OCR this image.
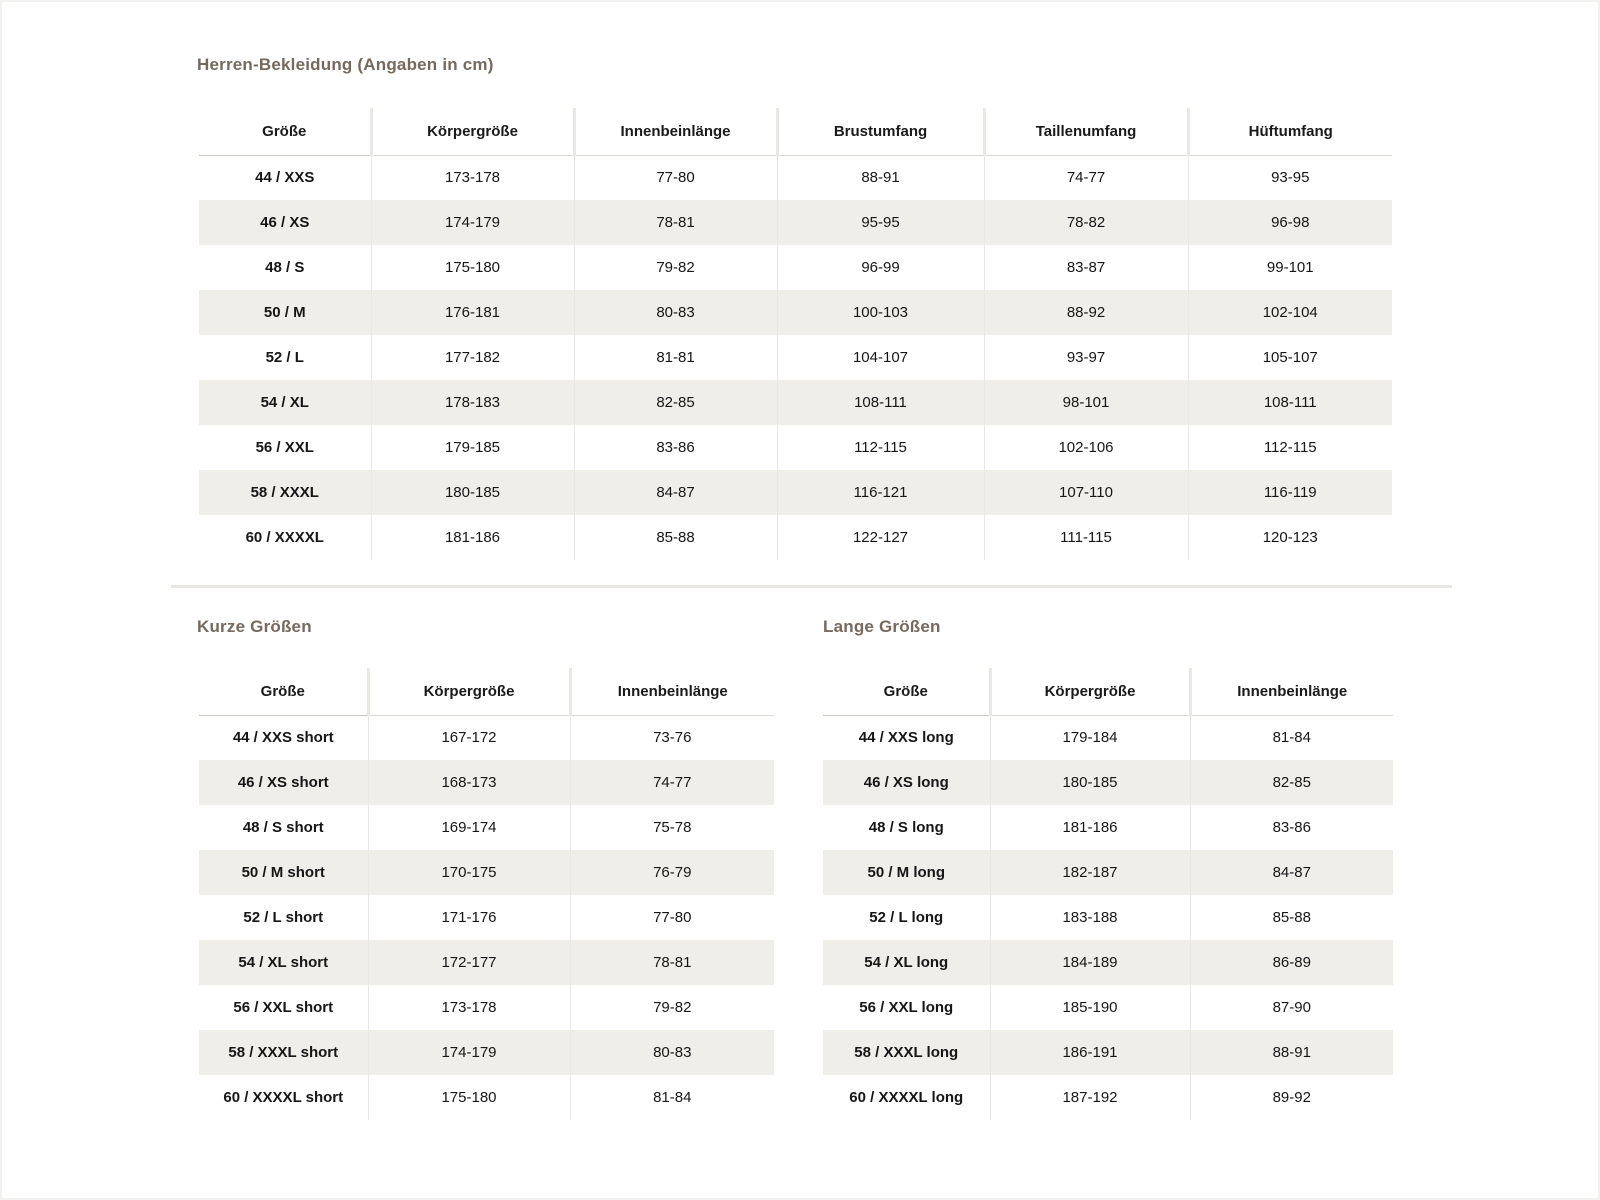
Herren-Bekleidung (Angaben in cm)
Größe	Körpergröße	Innenbeinlänge	Brustumfang	Taillenumfang	Hüftumfang
44 / XXS	173-178	77-80	88-91	74-77	93-95
46 / XS	174-179	78-81	95-95	78-82	96-98
48 / S	175-180	79-82	96-99	83-87	99-101
50 / M	176-181	80-83	100-103	88-92	102-104
52 / L	177-182	81-81	104-107	93-97	105-107
54 / XL	178-183	82-85	108-111	98-101	108-111
56 / XXL	179-185	83-86	112-115	102-106	112-115
58 / XXXL	180-185	84-87	116-121	107-110	116-119
60 / XXXXL	181-186	85-88	122-127	111-115	120-123
Kurze Größen
Größe	Körpergröße	Innenbeinlänge
44 / XXS short	167-172	73-76
46 / XS short	168-173	74-77
48 / S short	169-174	75-78
50 / M short	170-175	76-79
52 / L short	171-176	77-80
54 / XL short	172-177	78-81
56 / XXL short	173-178	79-82
58 / XXXL short	174-179	80-83
60 / XXXXL short	175-180	81-84
Lange Größen
Größe	Körpergröße	Innenbeinlänge
44 / XXS long	179-184	81-84
46 / XS long	180-185	82-85
48 / S long	181-186	83-86
50 / M long	182-187	84-87
52 / L long	183-188	85-88
54 / XL long	184-189	86-89
56 / XXL long	185-190	87-90
58 / XXXL long	186-191	88-91
60 / XXXXL long	187-192	89-92
